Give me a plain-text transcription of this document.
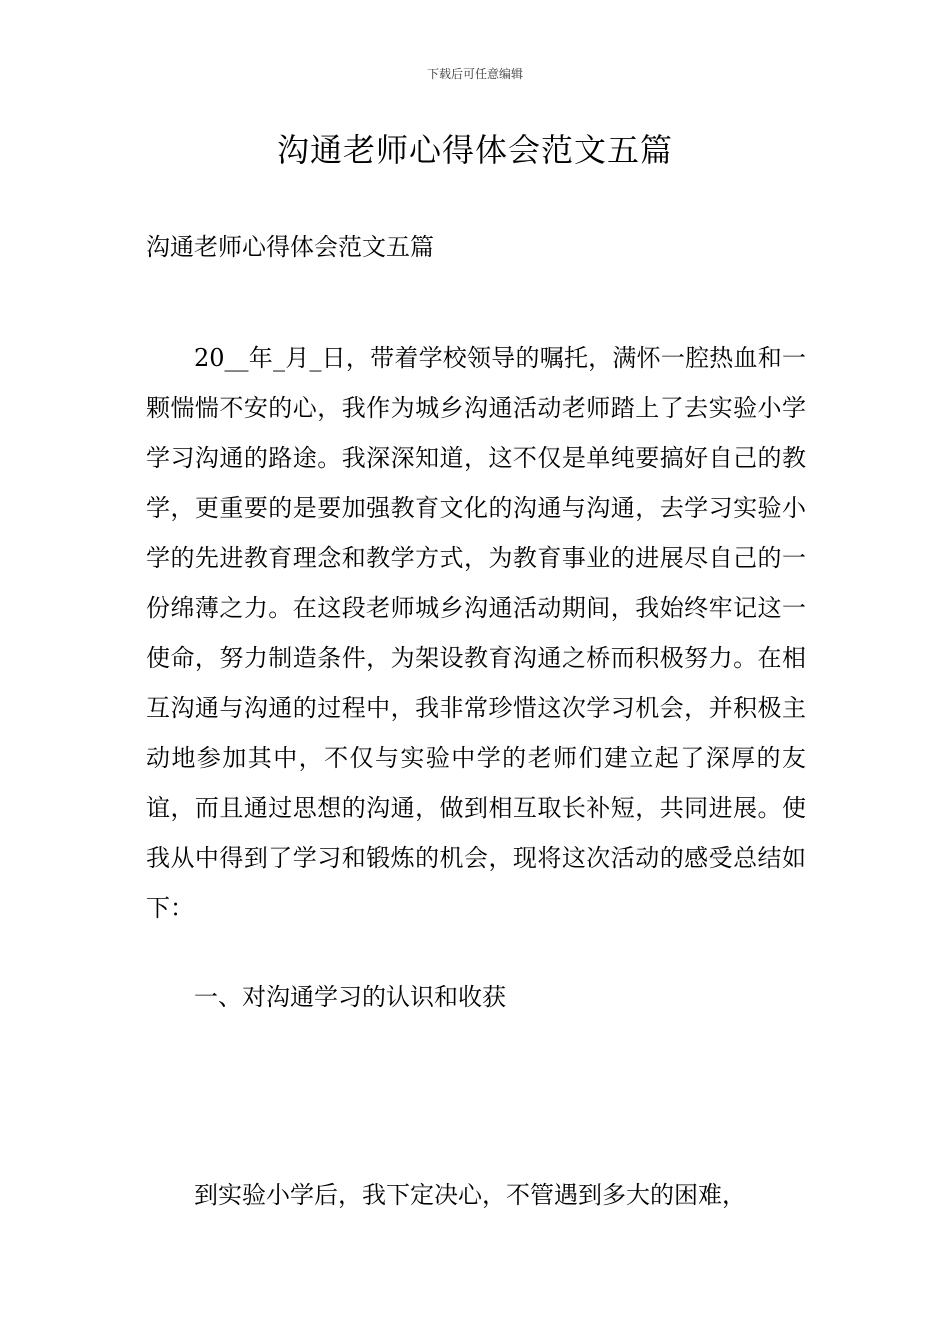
下载后可任意编辑
沟通老师心得体会范文五篇

沟通老师心得体会范文五篇

20__年_月_日，带着学校领导的嘱托，满怀一腔热血和一颗惴惴不安的心，我作为城乡沟通活动老师踏上了去实验小学学习沟通的路途。我深深知道，这不仅是单纯要搞好自己的教学，更重要的是要加强教育文化的沟通与沟通，去学习实验小学的先进教育理念和教学方式，为教育事业的进展尽自己的一份绵薄之力。在这段老师城乡沟通活动期间，我始终牢记这一使命，努力制造条件，为架设教育沟通之桥而积极努力。在相互沟通与沟通的过程中，我非常珍惜这次学习机会，并积极主动地参加其中，不仅与实验中学的老师们建立起了深厚的友谊，而且通过思想的沟通，做到相互取长补短，共同进展。使我从中得到了学习和锻炼的机会，现将这次活动的感受总结如下：

一、对沟通学习的认识和收获

到实验小学后，我下定决心，不管遇到多大的困难，
